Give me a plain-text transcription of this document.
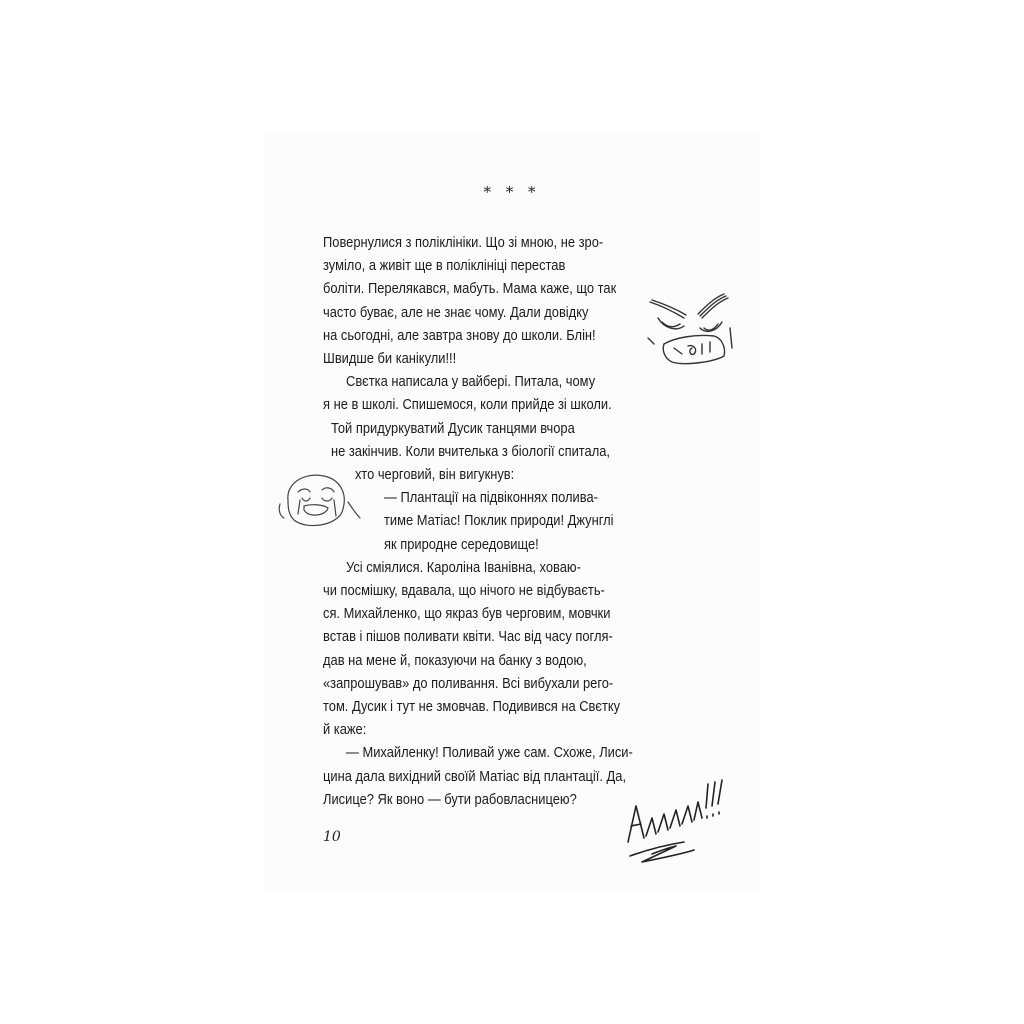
* * *
Повернулися з поліклініки. Що зі мною, не зро-
зуміло, а живіт ще в поліклініці перестав
боліти. Перелякався, мабуть. Мама каже, що так
часто буває, але не знає чому. Дали довідку
на сьогодні, але завтра знову до школи. Блін!
Швидше би канікули!!!
Свєтка написала у вайбері. Питала, чому
я не в школі. Спишемося, коли прийде зі школи.
Той придуркуватий Дусик танцями вчора
не закінчив. Коли вчителька з біології спитала,
хто черговий, він вигукнув:
— Плантації на підвіконнях полива-
тиме Матіас! Поклик природи! Джунглі
як природне середовище!
Усі сміялися. Кароліна Іванівна, ховаю-
чи посмішку, вдавала, що нічого не відбуваєть-
ся. Михайленко, що якраз був черговим, мовчки
встав і пішов поливати квіти. Час від часу погля-
дав на мене й, показуючи на банку з водою,
«запрошував» до поливання. Всі вибухали рего-
том. Дусик і тут не змовчав. Подивився на Свєтку
й каже:
— Михайленку! Поливай уже сам. Схоже, Лиси-
цина дала вихідний своїй Матіас від плантації. Да,
Лисице? Як воно — бути рабовласницею?
10
